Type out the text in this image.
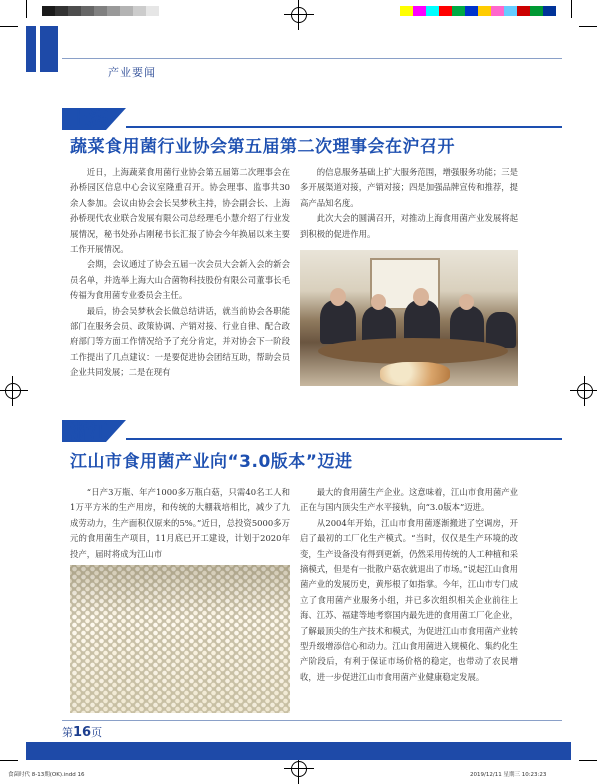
产业要闻
上海
蔬菜食用菌行业协会第五届第二次理事会在沪召开

近日，上海蔬菜食用菌行业协会第五届第二次理事会在孙桥园区信息中心会议室隆重召开。协会理事、监事共30余人参加。会议由协会会长吴梦秋主持，协会副会长、上海孙桥现代农业联合发展有限公司总经理毛小慧介绍了行业发展情况，秘书处孙占刚秘书长汇报了协会今年换届以来主要工作开展情况。

会期，会议通过了协会五届一次会员大会新入会的新会员名单，并选举上海大山合菌物科技股份有限公司董事长毛传福为食用菌专业委员会主任。

最后，协会吴梦秋会长做总结讲话，就当前协会各职能部门在服务会员、政策协调、产销对接、行业自律、配合政府部门等方面工作情况给予了充分肯定，并对协会下一阶段工作提出了几点建议：一是要促进协会团结互助，帮助会员企业共同发展；二是在现有

的信息服务基础上扩大服务范围，增强服务功能；三是多开展渠道对接，产销对接；四是加强品牌宣传和推荐，提高产品知名度。

此次大会的圆满召开，对推动上海食用菌产业发展将起到积极的促进作用。

浙江
江山市食用菌产业向“3.0版本”迈进

“日产3万瓶、年产1000多万瓶白菇，只需40名工人和1万平方米的生产用房，和传统的大棚栽培相比，减少了九成劳动力，生产面积仅原来的5%。”近日，总投资5000多万元的食用菌生产项目，11月底已开工建设，计划于2020年投产，届时将成为江山市

最大的食用菌生产企业。这意味着，江山市食用菌产业正在与国内顶尖生产水平接轨，向“3.0版本”迈进。

从2004年开始，江山市食用菌逐渐搬进了空调房，开启了最初的工厂化生产模式。“当时，仅仅是生产环境的改变，生产设备没有得到更新，仍然采用传统的人工种植和采摘模式，但是有一批散户菇农就退出了市场。”说起江山食用菌产业的发展历史，黄彤根了如指掌。今年，江山市专门成立了食用菌产业服务小组，并已多次组织相关企业前往上海、江苏、福建等地考察国内最先进的食用菌工厂化企业，了解最顶尖的生产技术和模式，为促进江山市食用菌产业转型升级增添信心和动力。江山食用菌进入规模化、集约化生产阶段后，有利于保证市场价格的稳定，也带动了农民增收，进一步促进江山市食用菌产业健康稳定发展。

第16页
食菌时代 8-13期(OK).indd 16	2019/12/11 星期三 10:23:23
